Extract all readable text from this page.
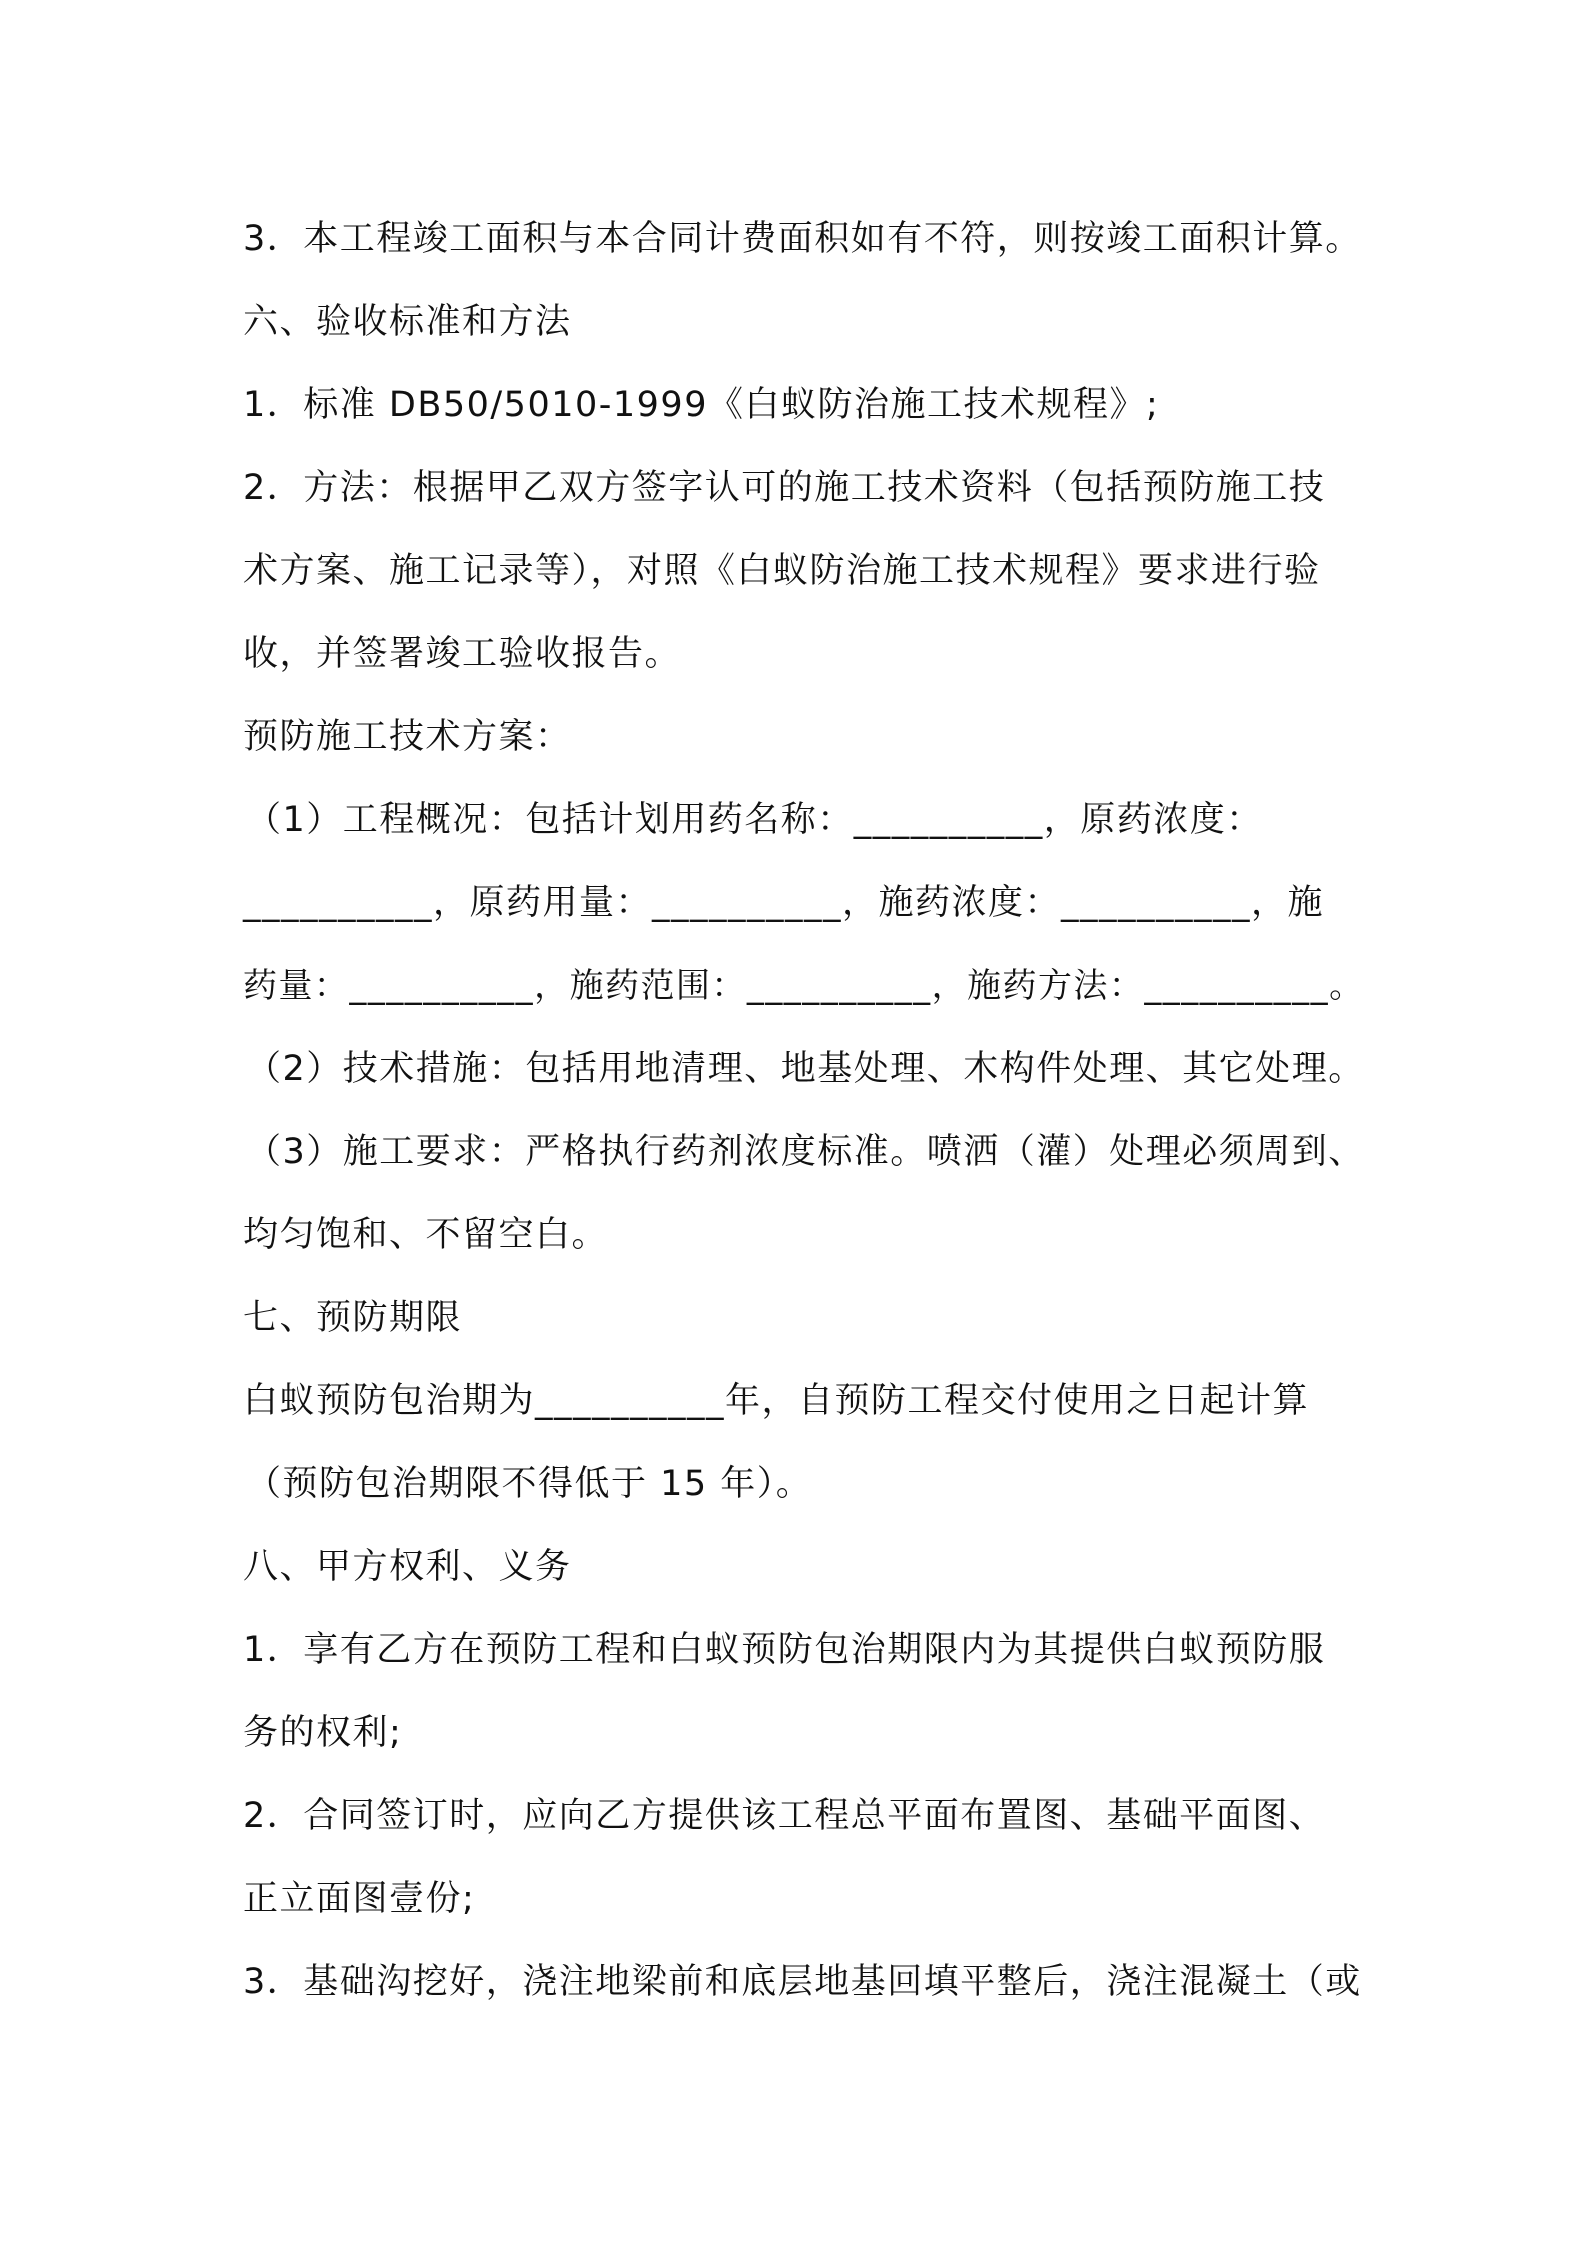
3．本工程竣工面积与本合同计费面积如有不符，则按竣工面积计算。
六、验收标准和方法
1．标准 DB50/5010-1999《白蚁防治施工技术规程》;
2．方法：根据甲乙双方签字认可的施工技术资料（包括预防施工技
术方案、施工记录等），对照《白蚁防治施工技术规程》要求进行验
收，并签署竣工验收报告。
预防施工技术方案：
（1）工程概况：包括计划用药名称：__________，原药浓度：
__________，原药用量：__________，施药浓度：__________，施
药量：__________，施药范围：__________，施药方法：__________。
（2）技术措施：包括用地清理、地基处理、木构件处理、其它处理。
（3）施工要求：严格执行药剂浓度标准。喷洒（灌）处理必须周到、
均匀饱和、不留空白。
七、预防期限
白蚁预防包治期为__________年，自预防工程交付使用之日起计算
（预防包治期限不得低于 15 年）。
八、甲方权利、义务
1．享有乙方在预防工程和白蚁预防包治期限内为其提供白蚁预防服
务的权利;
2．合同签订时，应向乙方提供该工程总平面布置图、基础平面图、
正立面图壹份;
3．基础沟挖好，浇注地梁前和底层地基回填平整后，浇注混凝土（或
